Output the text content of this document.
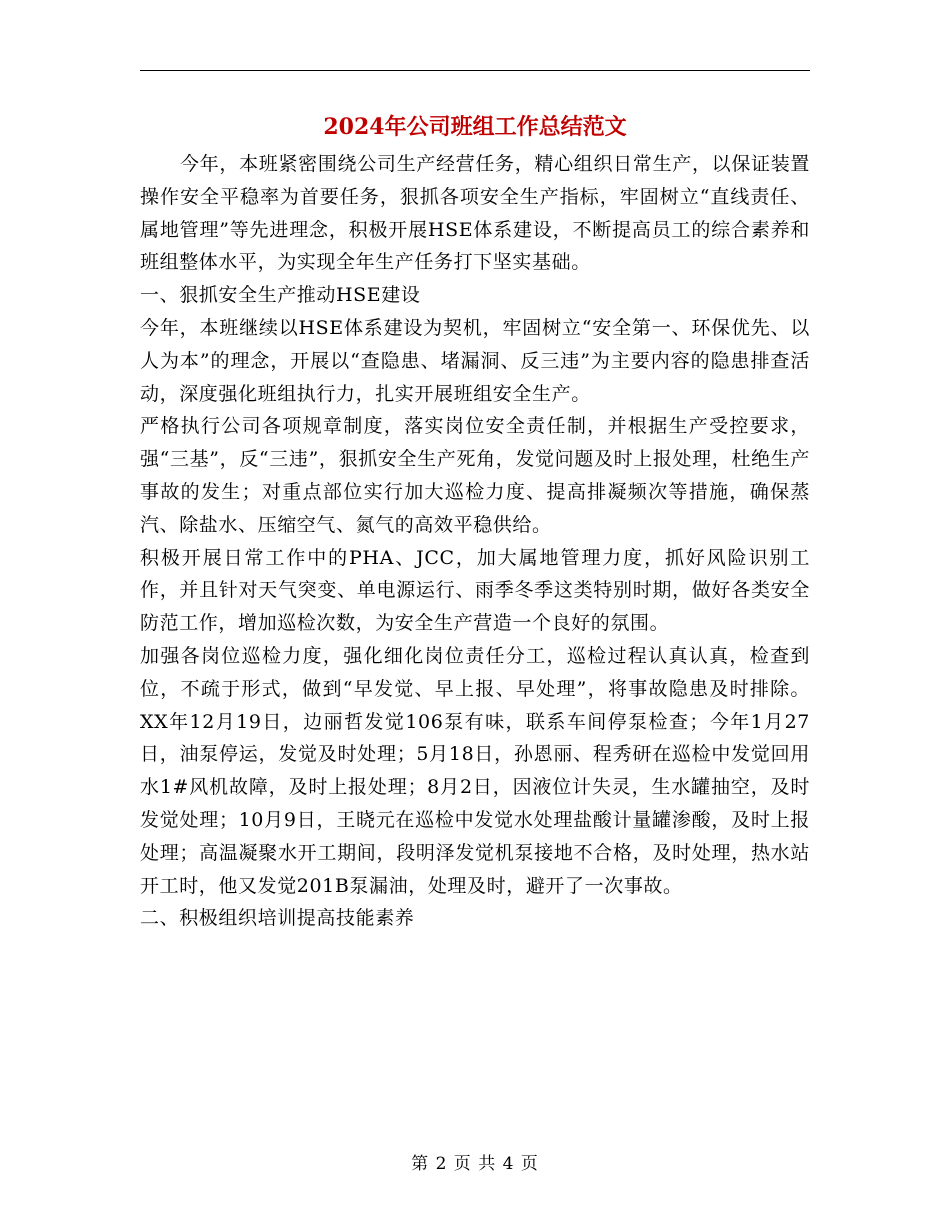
2024年公司班组工作总结范文

今年，本班紧密围绕公司生产经营任务，精心组织日常生产，以保证装置操作安全平稳率为首要任务，狠抓各项安全生产指标，牢固树立“直线责任、属地管理”等先进理念，积极开展HSE体系建设，不断提高员工的综合素养和班组整体水平，为实现全年生产任务打下坚实基础。

一、狠抓安全生产推动HSE建设

今年，本班继续以HSE体系建设为契机，牢固树立“安全第一、环保优先、以人为本”的理念，开展以“查隐患、堵漏洞、反三违”为主要内容的隐患排查活动，深度强化班组执行力，扎实开展班组安全生产。

严格执行公司各项规章制度，落实岗位安全责任制，并根据生产受控要求，强“三基”，反“三违”，狠抓安全生产死角，发觉问题及时上报处理，杜绝生产事故的发生；对重点部位实行加大巡检力度、提高排凝频次等措施，确保蒸汽、除盐水、压缩空气、氮气的高效平稳供给。

积极开展日常工作中的PHA、JCC，加大属地管理力度，抓好风险识别工作，并且针对天气突变、单电源运行、雨季冬季这类特别时期，做好各类安全防范工作，增加巡检次数，为安全生产营造一个良好的氛围。

加强各岗位巡检力度，强化细化岗位责任分工，巡检过程认真认真，检查到位，不疏于形式，做到“早发觉、早上报、早处理”，将事故隐患及时排除。XX年12月19日，边丽哲发觉106泵有味，联系车间停泵检查；今年1月27日，油泵停运，发觉及时处理；5月18日，孙恩丽、程秀研在巡检中发觉回用水1#风机故障，及时上报处理；8月2日，因液位计失灵，生水罐抽空，及时发觉处理；10月9日，王晓元在巡检中发觉水处理盐酸计量罐渗酸，及时上报处理；高温凝聚水开工期间，段明泽发觉机泵接地不合格，及时处理，热水站开工时，他又发觉201B泵漏油，处理及时，避开了一次事故。

二、积极组织培训提高技能素养

第 2 页 共 4 页
